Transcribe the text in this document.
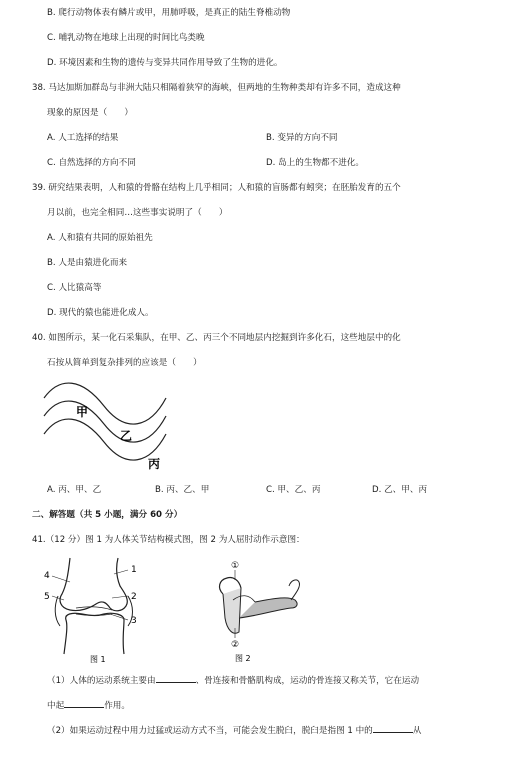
B. 爬行动物体表有鳞片或甲，用肺呼吸，是真正的陆生脊椎动物
C. 哺乳动物在地球上出现的时间比鸟类晚
D. 环境因素和生物的遗传与变异共同作用导致了生物的进化。
38. 马达加斯加群岛与非洲大陆只相隔着狭窄的海峡，但两地的生物种类却有许多不同，造成这种
现象的原因是（　　）
A. 人工选择的结果	B. 变异的方向不同
C. 自然选择的方向不同	D. 岛上的生物都不进化。
39. 研究结果表明，人和猿的骨骼在结构上几乎相同；人和猿的盲肠都有蚓突；在胚胎发育的五个
月以前，也完全相同…这些事实说明了（　　）
A. 人和猿有共同的原始祖先
B. 人是由猿进化而来
C. 人比猿高等
D. 现代的猿也能进化成人。
40. 如图所示，某一化石采集队，在甲、乙、丙三个不同地层内挖掘到许多化石，这些地层中的化
石按从简单到复杂排列的应该是（　　）
甲
乙
丙
A. 丙、甲、乙	B. 丙、乙、甲	C. 甲、乙、丙	D. 乙、甲、丙
二、解答题（共 5 小题，满分 60 分）
41.（12 分）图 1 为人体关节结构模式图，图 2 为人屈肘动作示意图：
4
1
5	2
3
图 1
①
②
图 2
（1）人体的运动系统主要由	、骨连接和骨骼肌构成，运动的骨连接又称关节，它在运动
中起	作用。
（2）如果运动过程中用力过猛或运动方式不当，可能会发生脱臼，脱臼是指图 1 中的	从
